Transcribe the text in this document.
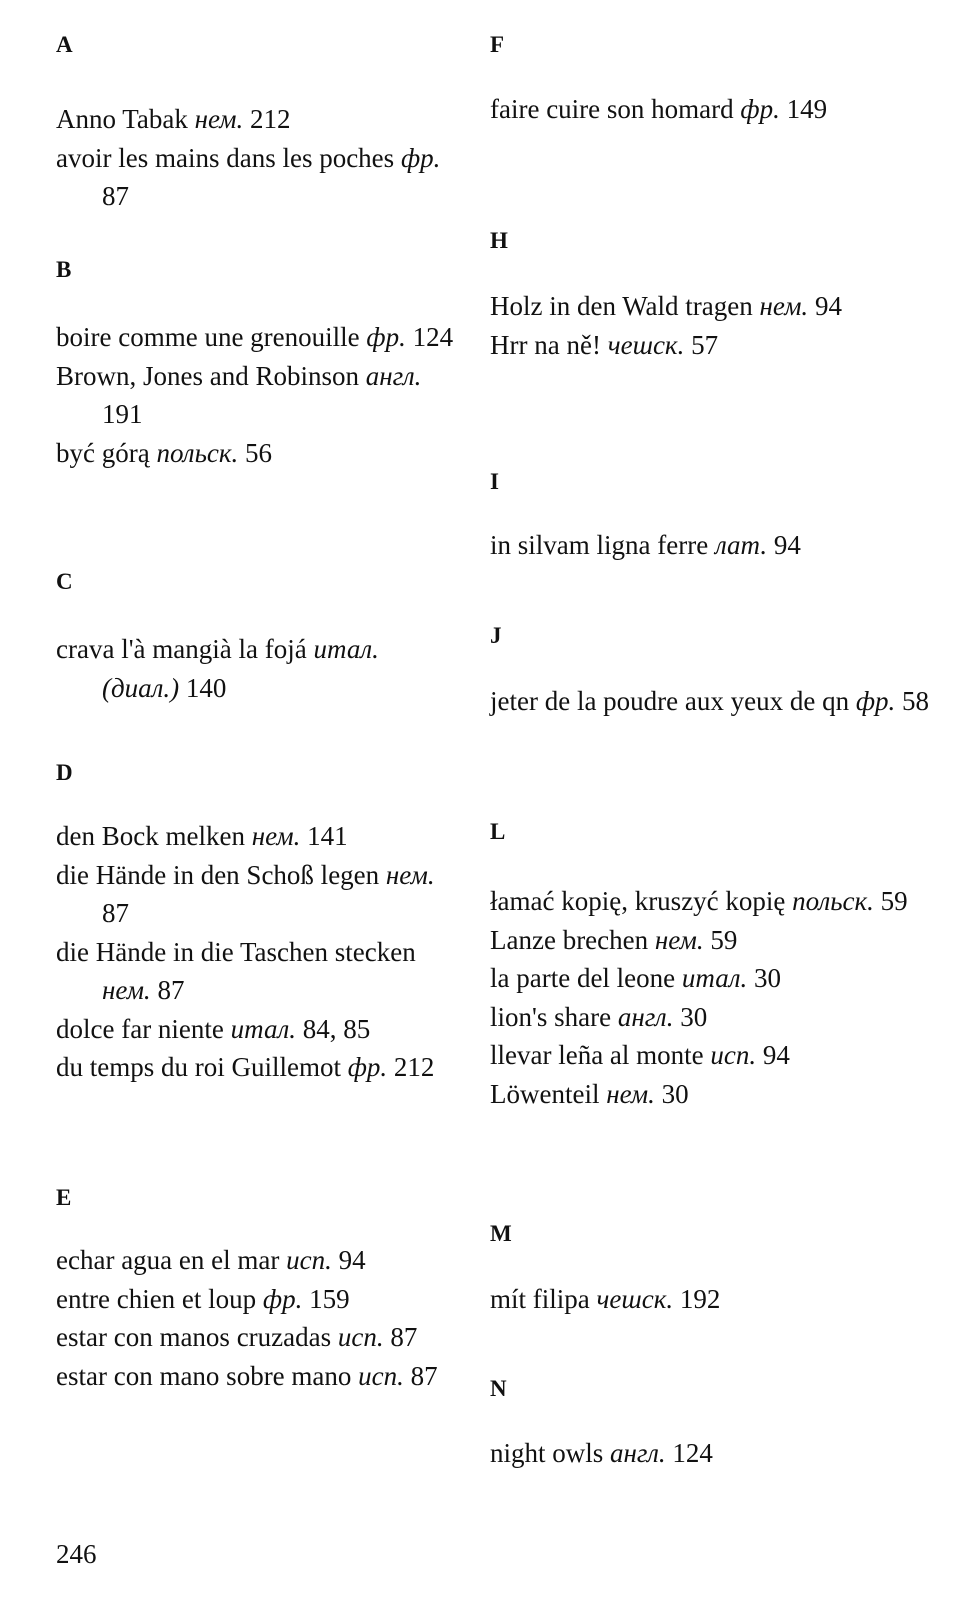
A
Anno Tabak нем. 212
avoir les mains dans les poches фр. 87
B
boire comme une grenouille фр. 124
Brown, Jones and Robinson англ. 191
być górą польск. 56
C
crava l'à mangià la fojá итал. (диал.) 140
D
den Bock melken нем. 141
die Hände in den Schoß legen нем. 87
die Hände in die Taschen stecken нем. 87
dolce far niente итал. 84, 85
du temps du roi Guillemot фр. 212
E
echar agua en el mar исп. 94
entre chien et loup фр. 159
estar con manos cruzadas исп. 87
estar con mano sobre mano исп. 87
F
faire cuire son homard фр. 149
H
Holz in den Wald tragen нем. 94
Hrr na ně! чешск. 57
I
in silvam ligna ferre лат. 94
J
jeter de la poudre aux yeux de qn фр. 58
L
łamać kopię, kruszyć kopię польск. 59
Lanze brechen нем. 59
la parte del leone итал. 30
lion's share англ. 30
llevar leña al monte исп. 94
Löwenteil нем. 30
M
mít filipa чешск. 192
N
night owls англ. 124
246
